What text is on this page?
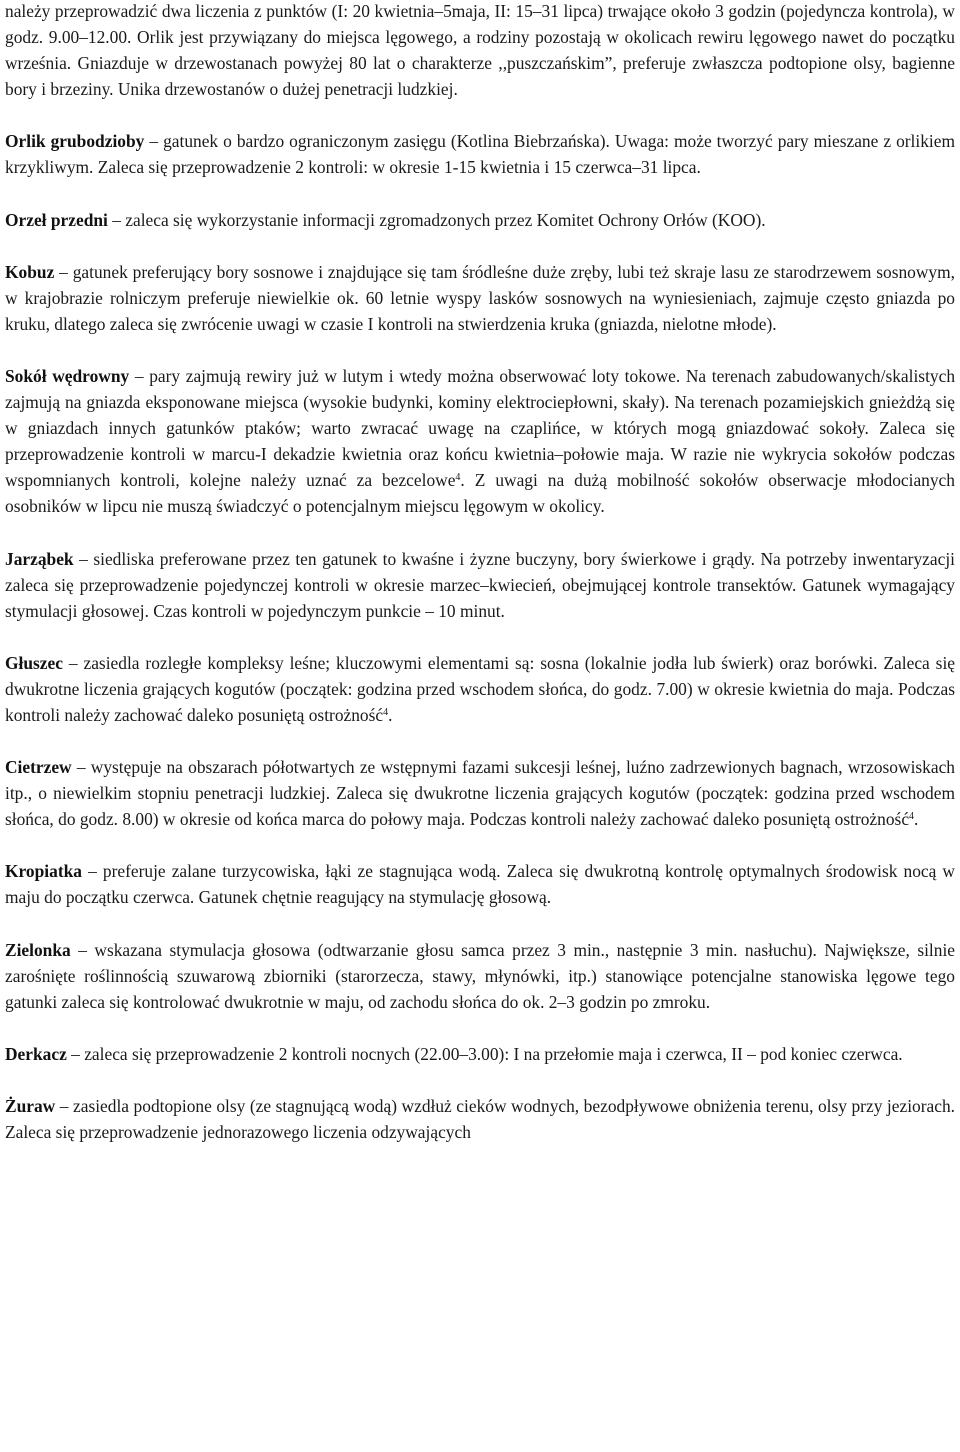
należy przeprowadzić dwa liczenia z punktów (I: 20 kwietnia–5maja, II: 15–31 lipca) trwające około 3 godzin (pojedyncza kontrola), w godz. 9.00–12.00. Orlik jest przywiązany do miejsca lęgowego, a rodziny pozostają w okolicach rewiru lęgowego nawet do początku września. Gniazduje w drzewostanach powyżej 80 lat o charakterze ,,puszczańskim”, preferuje zwłaszcza podtopione olsy, bagienne bory i brzeziny. Unika drzewostanów o dużej penetracji ludzkiej.

Orlik grubodzioby – gatunek o bardzo ograniczonym zasięgu (Kotlina Biebrzańska). Uwaga: może tworzyć pary mieszane z orlikiem krzykliwym. Zaleca się przeprowadzenie 2 kontroli: w okresie 1-15 kwietnia i 15 czerwca–31 lipca.

Orzeł przedni – zaleca się wykorzystanie informacji zgromadzonych przez Komitet Ochrony Orłów (KOO).

Kobuz – gatunek preferujący bory sosnowe i znajdujące się tam śródleśne duże zręby, lubi też skraje lasu ze starodrzewem sosnowym, w krajobrazie rolniczym preferuje niewielkie ok. 60 letnie wyspy lasków sosnowych na wyniesieniach, zajmuje często gniazda po kruku, dlatego zaleca się zwrócenie uwagi w czasie I kontroli na stwierdzenia kruka (gniazda, nielotne młode).

Sokół wędrowny – pary zajmują rewiry już w lutym i wtedy można obserwować loty tokowe. Na terenach zabudowanych/skalistych zajmują na gniazda eksponowane miejsca (wysokie budynki, kominy elektrociepłowni, skały). Na terenach pozamiejskich gnieżdżą się w gniazdach innych gatunków ptaków; warto zwracać uwagę na czaplińce, w których mogą gniazdować sokoły. Zaleca się przeprowadzenie kontroli w marcu-I dekadzie kwietnia oraz końcu kwietnia–połowie maja. W razie nie wykrycia sokołów podczas wspomnianych kontroli, kolejne należy uznać za bezcelowe$^4$. Z uwagi na dużą mobilność sokołów obserwacje młodocianych osobników w lipcu nie muszą świadczyć o potencjalnym miejscu lęgowym w okolicy.

Jarząbek – siedliska preferowane przez ten gatunek to kwaśne i żyzne buczyny, bory świerkowe i grądy. Na potrzeby inwentaryzacji zaleca się przeprowadzenie pojedynczej kontroli w okresie marzec–kwiecień, obejmującej kontrole transektów. Gatunek wymagający stymulacji głosowej. Czas kontroli w pojedynczym punkcie – 10 minut.

Głuszec – zasiedla rozległe kompleksy leśne; kluczowymi elementami są: sosna (lokalnie jodła lub świerk) oraz borówki. Zaleca się dwukrotne liczenia grających kogutów (początek: godzina przed wschodem słońca, do godz. 7.00) w okresie kwietnia do maja. Podczas kontroli należy zachować daleko posuniętą ostrożność$^4$.

Cietrzew – występuje na obszarach półotwartych ze wstępnymi fazami sukcesji leśnej, luźno zadrzewionych bagnach, wrzosowiskach itp., o niewielkim stopniu penetracji ludzkiej. Zaleca się dwukrotne liczenia grających kogutów (początek: godzina przed wschodem słońca, do godz. 8.00) w okresie od końca marca do połowy maja. Podczas kontroli należy zachować daleko posuniętą ostrożność$^4$.

Kropiatka – preferuje zalane turzycowiska, łąki ze stagnująca wodą. Zaleca się dwukrotną kontrolę optymalnych środowisk nocą w maju do początku czerwca. Gatunek chętnie reagujący na stymulację głosową.

Zielonka – wskazana stymulacja głosowa (odtwarzanie głosu samca przez 3 min., następnie 3 min. nasłuchu). Największe, silnie zarośnięte roślinnością szuwarową zbiorniki (starorzecza, stawy, młynówki, itp.) stanowiące potencjalne stanowiska lęgowe tego gatunki zaleca się kontrolować dwukrotnie w maju, od zachodu słońca do ok. 2–3 godzin po zmroku.

Derkacz – zaleca się przeprowadzenie 2 kontroli nocnych (22.00–3.00): I na przełomie maja i czerwca, II – pod koniec czerwca.

Żuraw – zasiedla podtopione olsy (ze stagnującą wodą) wzdłuż cieków wodnych, bezodpływowe obniżenia terenu, olsy przy jeziorach. Zaleca się przeprowadzenie jednorazowego liczenia odzywających
